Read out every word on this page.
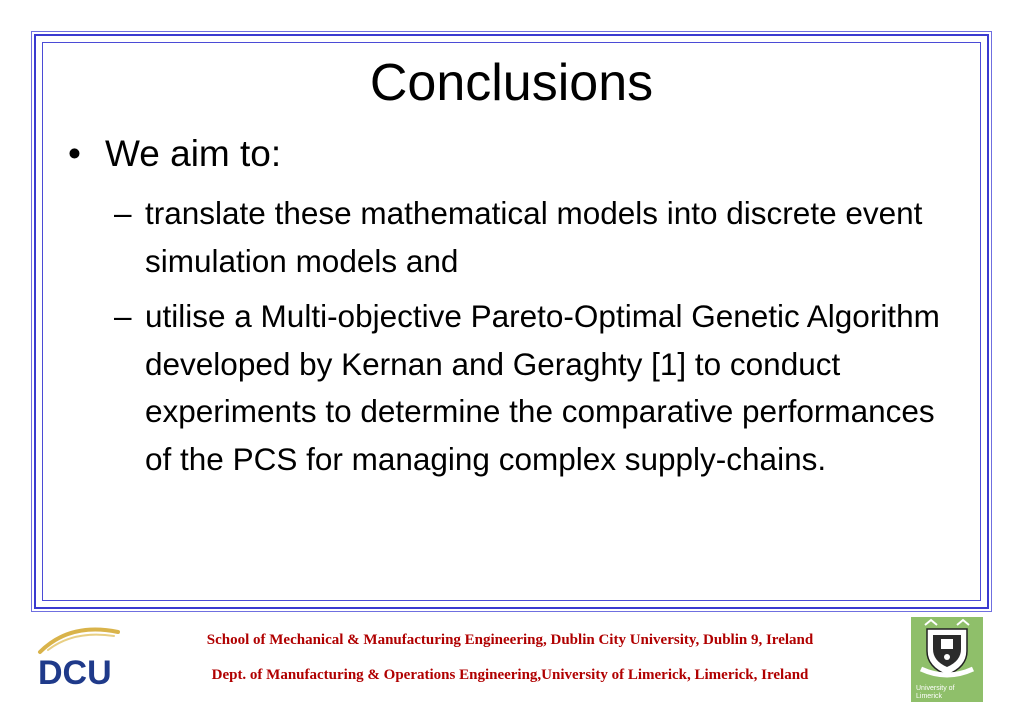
Conclusions
• We aim to:
– translate these mathematical models into discrete event simulation models and
– utilise a Multi-objective Pareto-Optimal Genetic Algorithm developed by Kernan and Geraghty [1] to conduct experiments to determine the comparative performances of the PCS for managing complex supply-chains.
DCU
School of Mechanical & Manufacturing Engineering, Dublin City University, Dublin 9, Ireland
Dept. of Manufacturing & Operations Engineering,University of Limerick, Limerick, Ireland
University of Limerick
